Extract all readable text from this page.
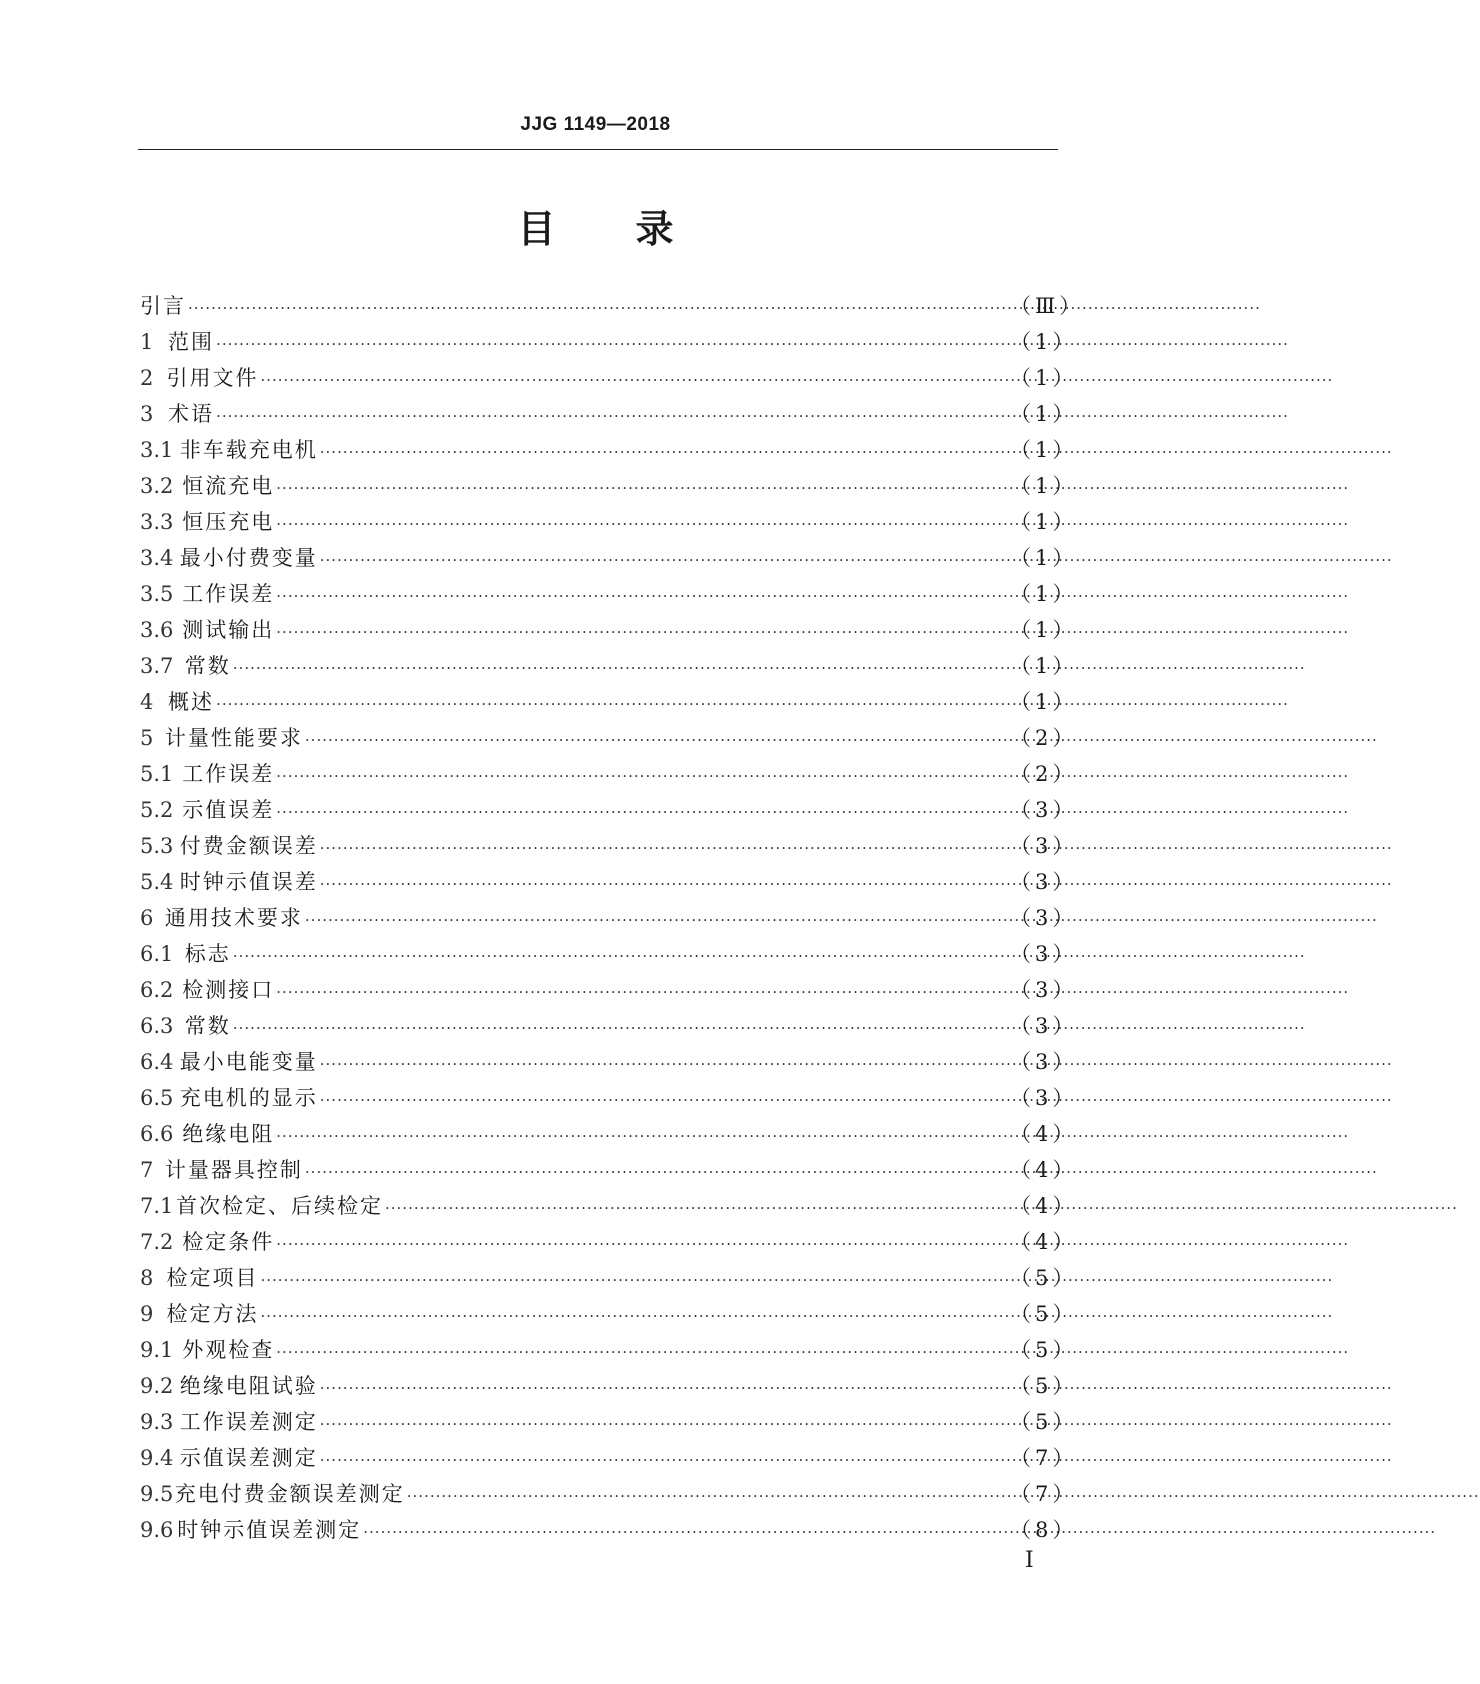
JJG 1149—2018
目 录
引言 ·····	（Ⅲ）
1 范围 ·····	（1）
2 引用文件 ·····	（1）
3 术语 ·····	（1）
3.1 非车载充电机 ·····	（1）
3.2 恒流充电 ·····	（1）
3.3 恒压充电 ·····	（1）
3.4 最小付费变量 ·····	（1）
3.5 工作误差 ·····	（1）
3.6 测试输出 ·····	（1）
3.7 常数 ·····	（1）
4 概述 ·····	（1）
5 计量性能要求 ·····	（2）
5.1 工作误差 ·····	（2）
5.2 示值误差 ·····	（3）
5.3 付费金额误差 ·····	（3）
5.4 时钟示值误差 ·····	（3）
6 通用技术要求 ·····	（3）
6.1 标志 ·····	（3）
6.2 检测接口 ·····	（3）
6.3 常数 ·····	（3）
6.4 最小电能变量 ·····	（3）
6.5 充电机的显示 ·····	（3）
6.6 绝缘电阻 ·····	（4）
7 计量器具控制 ·····	（4）
7.1 首次检定、后续检定 ·····	（4）
7.2 检定条件 ·····	（4）
8 检定项目 ·····	（5）
9 检定方法 ·····	（5）
9.1 外观检查 ·····	（5）
9.2 绝缘电阻试验 ·····	（5）
9.3 工作误差测定 ·····	（5）
9.4 示值误差测定 ·····	（7）
9.5 充电付费金额误差测定 ·····	（7）
9.6 时钟示值误差测定 ·····	（8）
Ⅰ
